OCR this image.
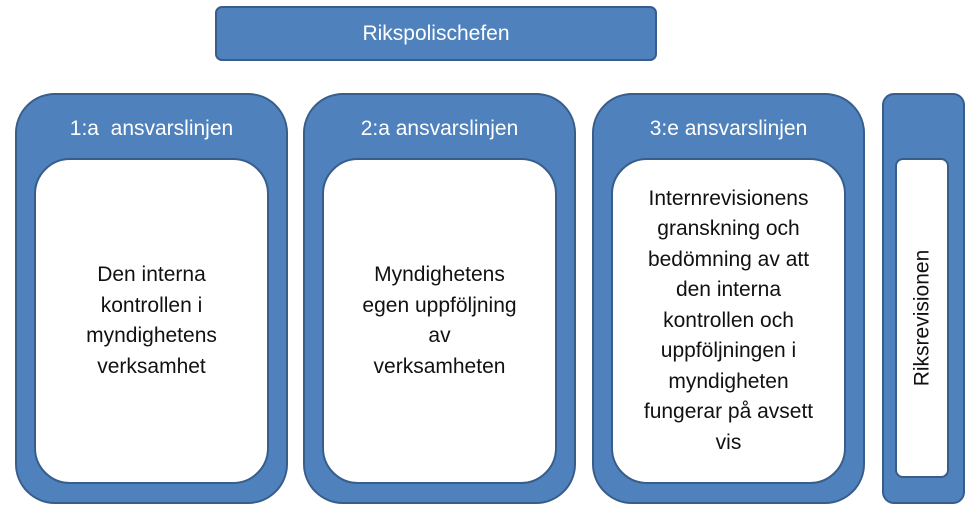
Rikspolischefen
1:a  ansvarslinjen
Den interna
kontrollen i
myndighetens
verksamhet
2:a ansvarslinjen
Myndighetens
egen uppföljning
av
verksamheten
3:e ansvarslinjen
Internrevisionens
granskning och
bedömning av att
den interna
kontrollen och
uppföljningen i
myndigheten
fungerar på avsett
vis
Riksrevisionen
